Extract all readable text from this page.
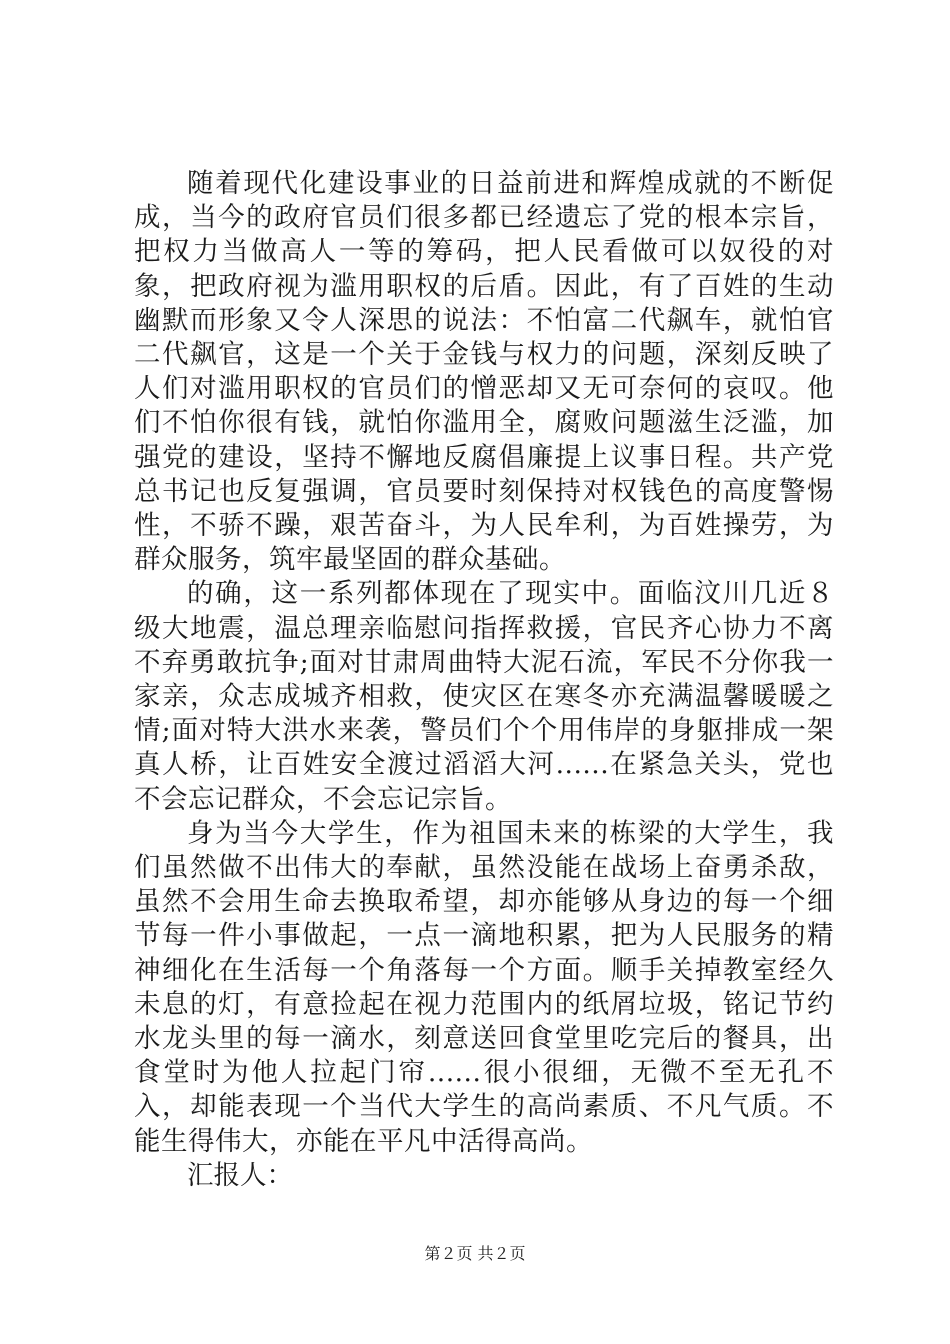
随着现代化建设事业的日益前进和辉煌成就的不断促成，当今的政府官员们很多都已经遗忘了党的根本宗旨，把权力当做高人一等的筹码，把人民看做可以奴役的对象，把政府视为滥用职权的后盾。因此，有了百姓的生动幽默而形象又令人深思的说法：不怕富二代飙车，就怕官二代飙官，这是一个关于金钱与权力的问题，深刻反映了人们对滥用职权的官员们的憎恶却又无可奈何的哀叹。他们不怕你很有钱，就怕你滥用全，腐败问题滋生泛滥，加强党的建设，坚持不懈地反腐倡廉提上议事日程。共产党总书记也反复强调，官员要时刻保持对权钱色的高度警惕性，不骄不躁，艰苦奋斗，为人民牟利，为百姓操劳，为群众服务，筑牢最坚固的群众基础。

的确，这一系列都体现在了现实中。面临汶川几近８级大地震，温总理亲临慰问指挥救援，官民齐心协力不离不弃勇敢抗争;面对甘肃周曲特大泥石流，军民不分你我一家亲，众志成城齐相救，使灾区在寒冬亦充满温馨暖暖之情;面对特大洪水来袭，警员们个个用伟岸的身躯排成一架真人桥，让百姓安全渡过滔滔大河......在紧急关头，党也不会忘记群众，不会忘记宗旨。

身为当今大学生，作为祖国未来的栋梁的大学生，我们虽然做不出伟大的奉献，虽然没能在战场上奋勇杀敌，虽然不会用生命去换取希望，却亦能够从身边的每一个细节每一件小事做起，一点一滴地积累，把为人民服务的精神细化在生活每一个角落每一个方面。顺手关掉教室经久未息的灯，有意捡起在视力范围内的纸屑垃圾，铭记节约水龙头里的每一滴水，刻意送回食堂里吃完后的餐具，出食堂时为他人拉起门帘......很小很细，无微不至无孔不入，却能表现一个当代大学生的高尚素质、不凡气质。不能生得伟大，亦能在平凡中活得高尚。

汇报人：

第２页 共２页
